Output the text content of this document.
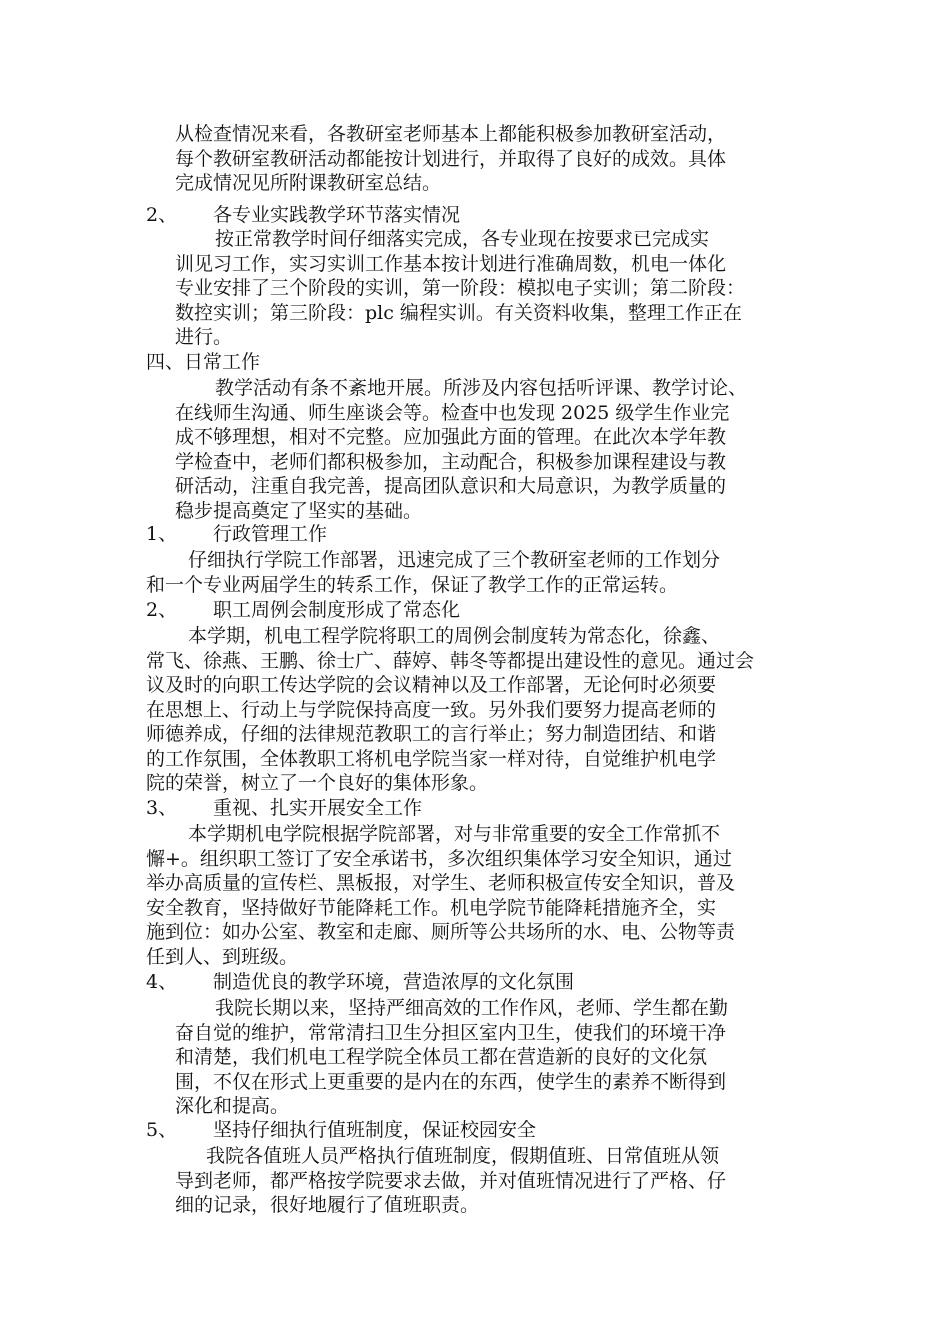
从检查情况来看，各教研室老师基本上都能积极参加教研室活动，
每个教研室教研活动都能按计划进行，并取得了良好的成效。具体
完成情况见所附课教研室总结。
2、 各专业实践教学环节落实情况
按正常教学时间仔细落实完成，各专业现在按要求已完成实
训见习工作，实习实训工作基本按计划进行准确周数，机电一体化
专业安排了三个阶段的实训，第一阶段：模拟电子实训；第二阶段：
数控实训；第三阶段：plc 编程实训。有关资料收集，整理工作正在
进行。
四、日常工作
教学活动有条不紊地开展。所涉及内容包括听评课、教学讨论、
在线师生沟通、师生座谈会等。检查中也发现 2025 级学生作业完
成不够理想，相对不完整。应加强此方面的管理。在此次本学年教
学检查中，老师们都积极参加，主动配合，积极参加课程建设与教
研活动，注重自我完善，提高团队意识和大局意识，为教学质量的
稳步提高奠定了坚实的基础。
1、 行政管理工作
仔细执行学院工作部署，迅速完成了三个教研室老师的工作划分
和一个专业两届学生的转系工作，保证了教学工作的正常运转。
2、 职工周例会制度形成了常态化
本学期，机电工程学院将职工的周例会制度转为常态化，徐鑫、
常飞、徐燕、王鹏、徐士广、薛婷、韩冬等都提出建设性的意见。通过会
议及时的向职工传达学院的会议精神以及工作部署，无论何时必须要
在思想上、行动上与学院保持高度一致。另外我们要努力提高老师的
师德养成，仔细的法律规范教职工的言行举止；努力制造团结、和谐
的工作氛围，全体教职工将机电学院当家一样对待，自觉维护机电学
院的荣誉，树立了一个良好的集体形象。
3、 重视、扎实开展安全工作
本学期机电学院根据学院部署，对与非常重要的安全工作常抓不
懈+。组织职工签订了安全承诺书，多次组织集体学习安全知识，通过
举办高质量的宣传栏、黑板报，对学生、老师积极宣传安全知识，普及
安全教育，坚持做好节能降耗工作。机电学院节能降耗措施齐全，实
施到位：如办公室、教室和走廊、厕所等公共场所的水、电、公物等责
任到人、到班级。
4、 制造优良的教学环境，营造浓厚的文化氛围
我院长期以来，坚持严细高效的工作作风，老师、学生都在勤
奋自觉的维护，常常清扫卫生分担区室内卫生，使我们的环境干净
和清楚，我们机电工程学院全体员工都在营造新的良好的文化氛
围，不仅在形式上更重要的是内在的东西，使学生的素养不断得到
深化和提高。
5、 坚持仔细执行值班制度，保证校园安全
我院各值班人员严格执行值班制度，假期值班、日常值班从领
导到老师，都严格按学院要求去做，并对值班情况进行了严格、仔
细的记录，很好地履行了值班职责。
